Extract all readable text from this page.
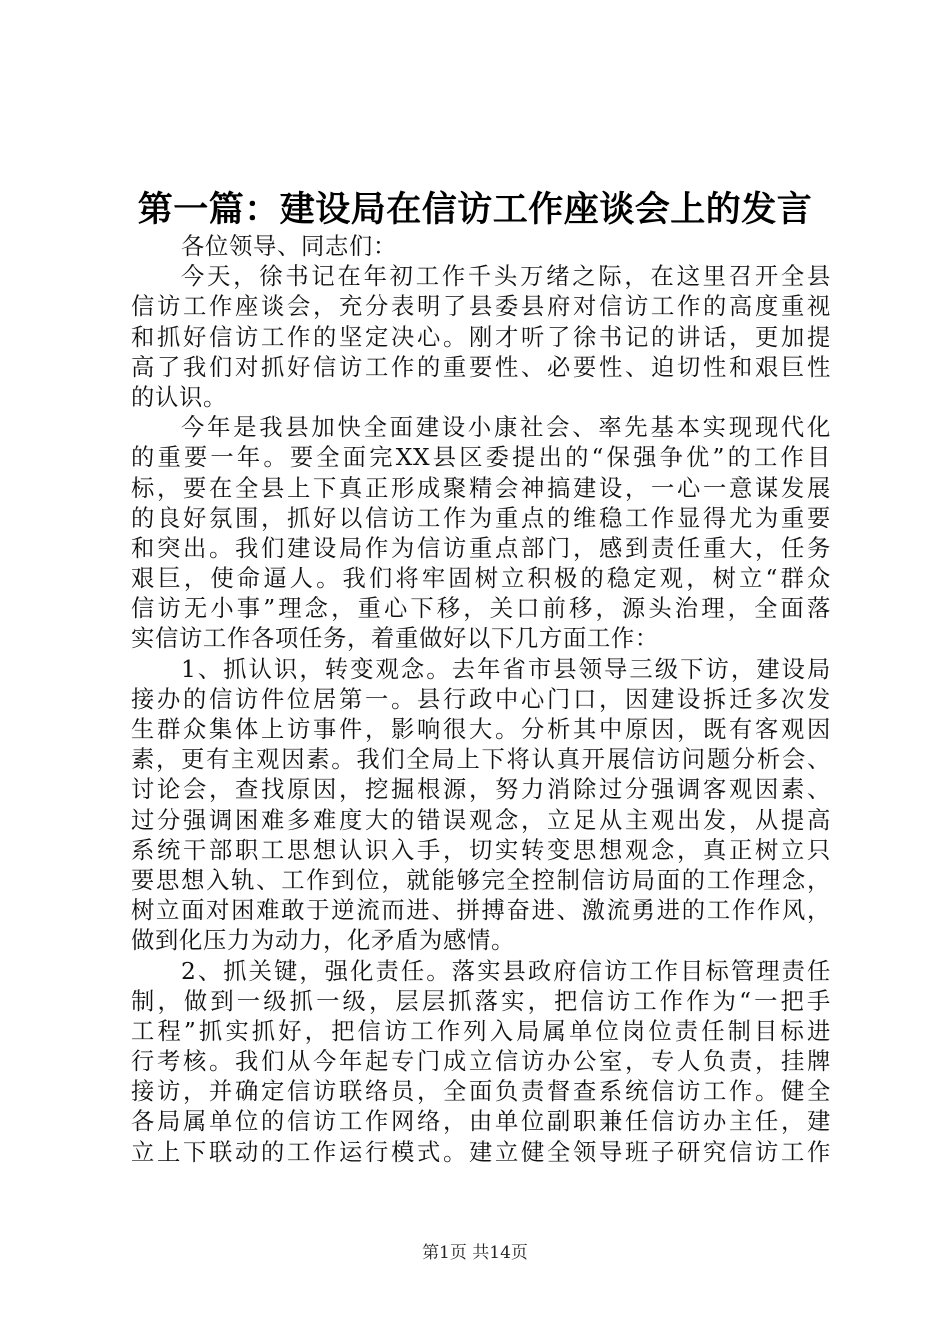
第一篇：建设局在信访工作座谈会上的发言
各位领导、同志们：
今天，徐书记在年初工作千头万绪之际，在这里召开全县
信访工作座谈会，充分表明了县委县府对信访工作的高度重视
和抓好信访工作的坚定决心。刚才听了徐书记的讲话，更加提
高了我们对抓好信访工作的重要性、必要性、迫切性和艰巨性
的认识。
今年是我县加快全面建设小康社会、率先基本实现现代化
的重要一年。要全面完XX县区委提出的“保强争优”的工作目
标，要在全县上下真正形成聚精会神搞建设，一心一意谋发展
的良好氛围，抓好以信访工作为重点的维稳工作显得尤为重要
和突出。我们建设局作为信访重点部门，感到责任重大，任务
艰巨，使命逼人。我们将牢固树立积极的稳定观，树立“群众
信访无小事”理念，重心下移，关口前移，源头治理，全面落
实信访工作各项任务，着重做好以下几方面工作：
1、抓认识，转变观念。去年省市县领导三级下访，建设局
接办的信访件位居第一。县行政中心门口，因建设拆迁多次发
生群众集体上访事件，影响很大。分析其中原因，既有客观因
素，更有主观因素。我们全局上下将认真开展信访问题分析会、
讨论会，查找原因，挖掘根源，努力消除过分强调客观因素、
过分强调困难多难度大的错误观念，立足从主观出发，从提高
系统干部职工思想认识入手，切实转变思想观念，真正树立只
要思想入轨、工作到位，就能够完全控制信访局面的工作理念，
树立面对困难敢于逆流而进、拼搏奋进、激流勇进的工作作风，
做到化压力为动力，化矛盾为感情。
2、抓关键，强化责任。落实县政府信访工作目标管理责任
制，做到一级抓一级，层层抓落实，把信访工作作为“一把手
工程”抓实抓好，把信访工作列入局属单位岗位责任制目标进
行考核。我们从今年起专门成立信访办公室，专人负责，挂牌
接访，并确定信访联络员，全面负责督查系统信访工作。健全
各局属单位的信访工作网络，由单位副职兼任信访办主任，建
立上下联动的工作运行模式。建立健全领导班子研究信访工作
第1页 共14页
